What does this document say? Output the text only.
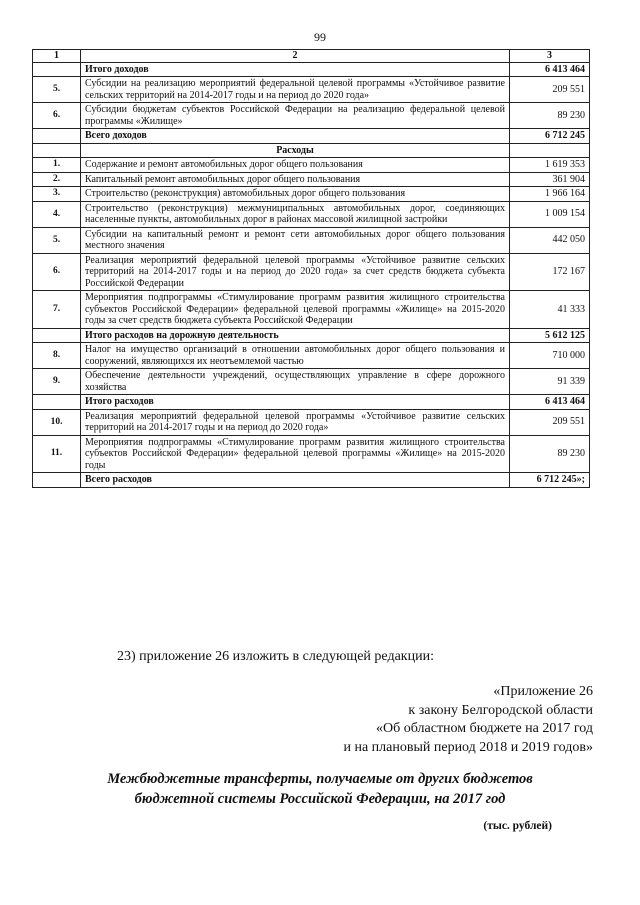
99
1	2	3
	Итого доходов	6 413 464
5.	Субсидии на реализацию мероприятий федеральной целевой программы «Устойчивое развитие сельских территорий на 2014-2017 годы и на период до 2020 года»	209 551
6.	Субсидии бюджетам субъектов Российской Федерации на реализацию федеральной целевой программы «Жилище»	89 230
	Всего доходов	6 712 245
	Расходы	
1.	Содержание и ремонт автомобильных дорог общего пользования	1 619 353
2.	Капитальный ремонт автомобильных дорог общего пользования	361 904
3.	Строительство (реконструкция) автомобильных дорог общего пользования	1 966 164
4.	Строительство (реконструкция) межмуниципальных автомобильных дорог, соединяющих населенные пункты, автомобильных дорог в районах массовой жилищной застройки	1 009 154
5.	Субсидии на капитальный ремонт и ремонт сети автомобильных дорог общего пользования местного значения	442 050
6.	Реализация мероприятий федеральной целевой программы «Устойчивое развитие сельских территорий на 2014-2017 годы и на период до 2020 года» за счет средств бюджета субъекта Российской Федерации	172 167
7.	Мероприятия подпрограммы «Стимулирование программ развития жилищного строительства субъектов Российской Федерации» федеральной целевой программы «Жилище» на 2015-2020 годы за счет средств бюджета субъекта Российской Федерации	41 333
	Итого расходов на дорожную деятельность	5 612 125
8.	Налог на имущество организаций в отношении автомобильных дорог общего пользования и сооружений, являющихся их неотъемлемой частью	710 000
9.	Обеспечение деятельности учреждений, осуществляющих управление в сфере дорожного хозяйства	91 339
	Итого расходов	6 413 464
10.	Реализация мероприятий федеральной целевой программы «Устойчивое развитие сельских территорий на 2014-2017 годы и на период до 2020 года»	209 551
11.	Мероприятия подпрограммы «Стимулирование программ развития жилищного строительства субъектов Российской Федерации» федеральной целевой программы «Жилище» на 2015-2020 годы	89 230
	Всего расходов	6 712 245»;
23) приложение 26 изложить в следующей редакции:
«Приложение 26
к закону Белгородской области
«Об областном бюджете на 2017 год
и на плановый период 2018 и 2019 годов»
Межбюджетные трансферты, получаемые от других бюджетов
бюджетной системы Российской Федерации, на 2017 год
(тыс. рублей)
